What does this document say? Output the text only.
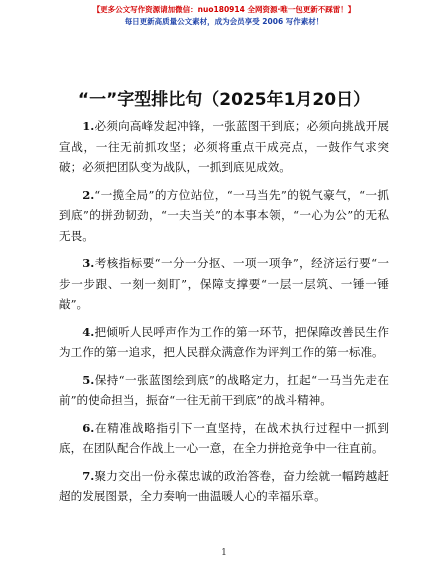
【更多公文写作资源请加微信：nuo180914 全网资源·唯一包更新不踩雷！】
每日更新高质量公文素材，成为会员享受 2006 写作素材！
“一”字型排比句（2025年1月20日）

1.必须向高峰发起冲锋，一张蓝图干到底；必须向挑战开展宣战，一往无前抓攻坚；必须将重点干成亮点，一鼓作气求突破；必须把团队变为战队，一抓到底见成效。

2.“一揽全局”的方位站位，“一马当先”的锐气豪气，“一抓到底”的拼劲韧劲，“一夫当关”的本事本领，“一心为公”的无私无畏。

3.考核指标要“一分一分抠、一项一项争”，经济运行要“一步一步跟、一刻一刻盯”，保障支撑要“一层一层筑、一锤一锤敲”。

4.把倾听人民呼声作为工作的第一环节，把保障改善民生作为工作的第一追求，把人民群众满意作为评判工作的第一标准。

5.保持“一张蓝图绘到底”的战略定力，扛起“一马当先走在前”的使命担当，振奋“一往无前干到底”的战斗精神。

6.在精准战略指引下一直坚持，在战术执行过程中一抓到底，在团队配合作战上一心一意，在全力拼抢竞争中一往直前。

7.聚力交出一份永葆忠诚的政治答卷，奋力绘就一幅跨越赶超的发展图景，全力奏响一曲温暖人心的幸福乐章。

1
